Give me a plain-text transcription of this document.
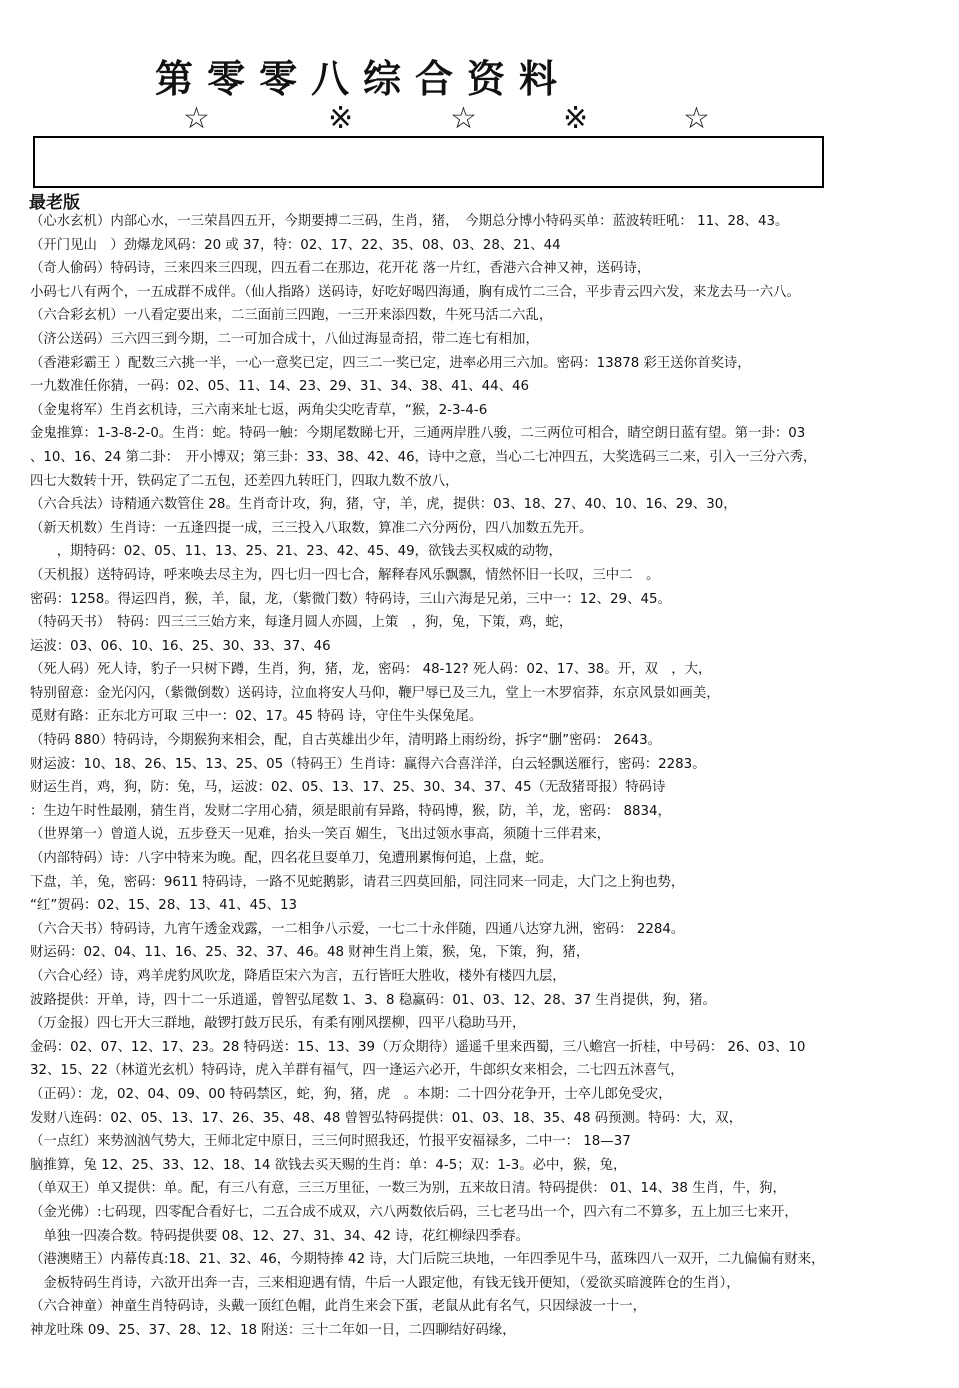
第零零八综合资料
☆	※	☆	※	☆
最老版
（心水玄机）内部心水，一三荣昌四五开，今期要搏二三码，生肖，猪，　今期总分博小特码买单：蓝波转旺吼： 11、28、43。
（开门见山　）劲爆龙风码：20 或 37，特：02、17、22、35、08、03、28、21、44
（奇人偷码）特码诗，三来四来三四现，四五看二在那边，花开花 落一片红，香港六合神又神，送码诗，
小码七八有两个，一五成群不成伴。（仙人指路）送码诗，好吃好喝四海通，胸有成竹二三合，平步青云四六发，来龙去马一六八。
（六合彩玄机）一八看定要出来，二三面前三四跑，一三开来添四数，牛死马活二六乱，
（济公送码）三六四三到今期，二一可加合成十，八仙过海显奇招，带二连七有相加，
（香港彩霸王 ）配数三六挑一半，一心一意奖已定，四三二一奖已定，进率必用三六加。密码：13878 彩王送你首奖诗，
一九数准任你猜，一码：02、05、11、14、23、29、31、34、38、41、44、46
（金鬼将军）生肖玄机诗，三六南来址七返，两角尖尖吃青草，“猴，2-3-4-6
金鬼推算：1-3-8-2-0。生肖：蛇。特码一触：今期尾数睇七开，三通两岸胜八骏，二三两位可相合，睛空朗日蓝有望。第一卦：03
、10、16、24 第二卦：　开小博双；第三卦：33、38、42、46，诗中之意，当心二七冲四五，大奖选码三二来，引入一三分六秀，
四七大数转十开，铁码定了二五包，还差四九转旺门，四取九数不放八，
（六合兵法）诗精通六数管住 28。生肖奇计攻，狗，猪，守，羊，虎，提供：03、18、27、40、10、16、29、30，
（新天机数）生肖诗：一五逢四提一成，三三投入八取数，算准二六分两份，四八加数五先开。
　　，期特码：02、05、11、13、25、21、23、42、45、49，欲钱去买权威的动物，
（天机报）送特码诗，呼来唤去尽主为，四七归一四七合，解释春风乐飘飘，情然怀旧一长叹，三中二　。
密码：1258。得运四肖，猴，羊，鼠，龙，（紫微门数）特码诗，三山六海是兄弟，三中一：12、29、45。
（特码天书）　特码：四三三三始方来，每逢月圆人亦圆，上策　，狗，兔，下策，鸡，蛇，
运波：03、06、10、16、25、30、33、37、46
（死人码）死人诗，豹子一只树下蹲，生肖，狗，猪，龙，密码： 48-12? 死人码：02、17、38。开，双　，大，
特别留意：金光闪闪，（紫微倒数）送码诗，泣血将安人马仰，鞭尸辱已及三九，堂上一木罗宿莽，东京风景如画美，
觅财有路：正东北方可取 三中一：02、17。45 特码 诗，守住牛头保兔尾。
（特码 880）特码诗，今期猴狗来相会，配，自古英雄出少年，清明路上雨纷纷，拆字“删”密码： 2643。
财运波：10、18、26、15、13、25、05（特码王）生肖诗：赢得六合喜洋洋，白云轻飘送雁行，密码：2283。
财运生肖，鸡，狗，防：兔，马，运波：02、05、13、17、25、30、34、37、45（无敌猪哥报）特码诗
：生边午时性最刚，猜生肖，发财二字用心猜，须是眼前有异路，特码博，猴，防，羊，龙，密码： 8834，
（世界第一）曾道人说，五步登天一见难，抬头一笑百 媚生，飞出过领水事高，须随十三伴君来，
（内部特码）诗：八字中特来为晚。配，四名花旦耍单刀，兔遭刑累悔何追，上盘，蛇。
下盘，羊，兔，密码：9611 特码诗，一路不见蛇鹅影，请君三四莫回船，同注同来一同走，大门之上狗也势，
“红”贺码：02、15、28、13、41、45、13
（六合天书）特码诗，九宵午透金戏露，一二相争八示爱，一七二十永伴随，四通八达穿九洲，密码： 2284。
财运码：02、04、11、16、25、32、37、46。48 财神生肖上策，猴，兔，下策，狗，猪，
（六合心经）诗，鸡羊虎豹风吹龙，降盾臣宋六为言，五行皆旺大胜收，楼外有楼四九层，
波路提供：开单，诗，四十二一乐逍遥，曾智弘尾数 1、3、8 稳赢码：01、03、12、28、37 生肖提供，狗，猪。
（万金报）四七开大三群地，敲锣打鼓万民乐，有柔有刚风摆柳，四平八稳助马开，
金码：02、07、12、17、23。28 特码送：15、13、39（万众期待）遥遥千里来西蜀，三八蟾宫一折桂，中号码： 26、03、10
32、15、22（林道光玄机）特码诗，虎入羊群有福气，四一逢运六必开，牛郎织女来相会，二七四五沐喜气，
（正码）：龙，02、04、09、00 特码禁区，蛇，狗，猪，虎　。本期：二十四分花争开，士卒儿郎免受灾，
发财八连码：02、05、13、17、26、35、48、48 曾智弘特码提供：01、03、18、35、48 码预测。特码：大，双，
（一点红）来势汹汹气势大，王师北定中原日，三三何时照我还，竹报平安福禄多，二中一： 18—37
脑推算，兔 12、25、33、12、18、14 欲钱去买天赐的生肖：单：4-5；双：1-3。必中，猴，兔，
（单双王）单又提供：单。配，有三八有意，三三万里征，一数三为别，五来故日清。特码提供： 01、14、38 生肖，牛，狗，
（金光佛）:七码现，四零配合看好七，二五合成不成双，六八两数依后码，三七老马出一个，四六有二不算多，五上加三七来开，
　单独一四凑合数。特码提供要 08、12、27、31、34、42 诗，花红柳绿四季春。
（港澳赌王）内幕传真:18、21、32、46，今期特捧 42 诗，大门后院三块地，一年四季见牛马，蓝珠四八一双开，二九偏偏有财来，
　金板特码生肖诗，六欲开出奔一吉，三来相迎遇有情，牛后一人跟定他，有钱无钱开便知，（爱欲买暗渡阵仓的生肖），
（六合神童）神童生肖特码诗，头戴一顶红色帽，此肖生来会下蛋，老鼠从此有名气，只因绿波一十一，
神龙吐珠 09、25、37、28、12、18 附送：三十二年如一日，二四聊结好码缘，
